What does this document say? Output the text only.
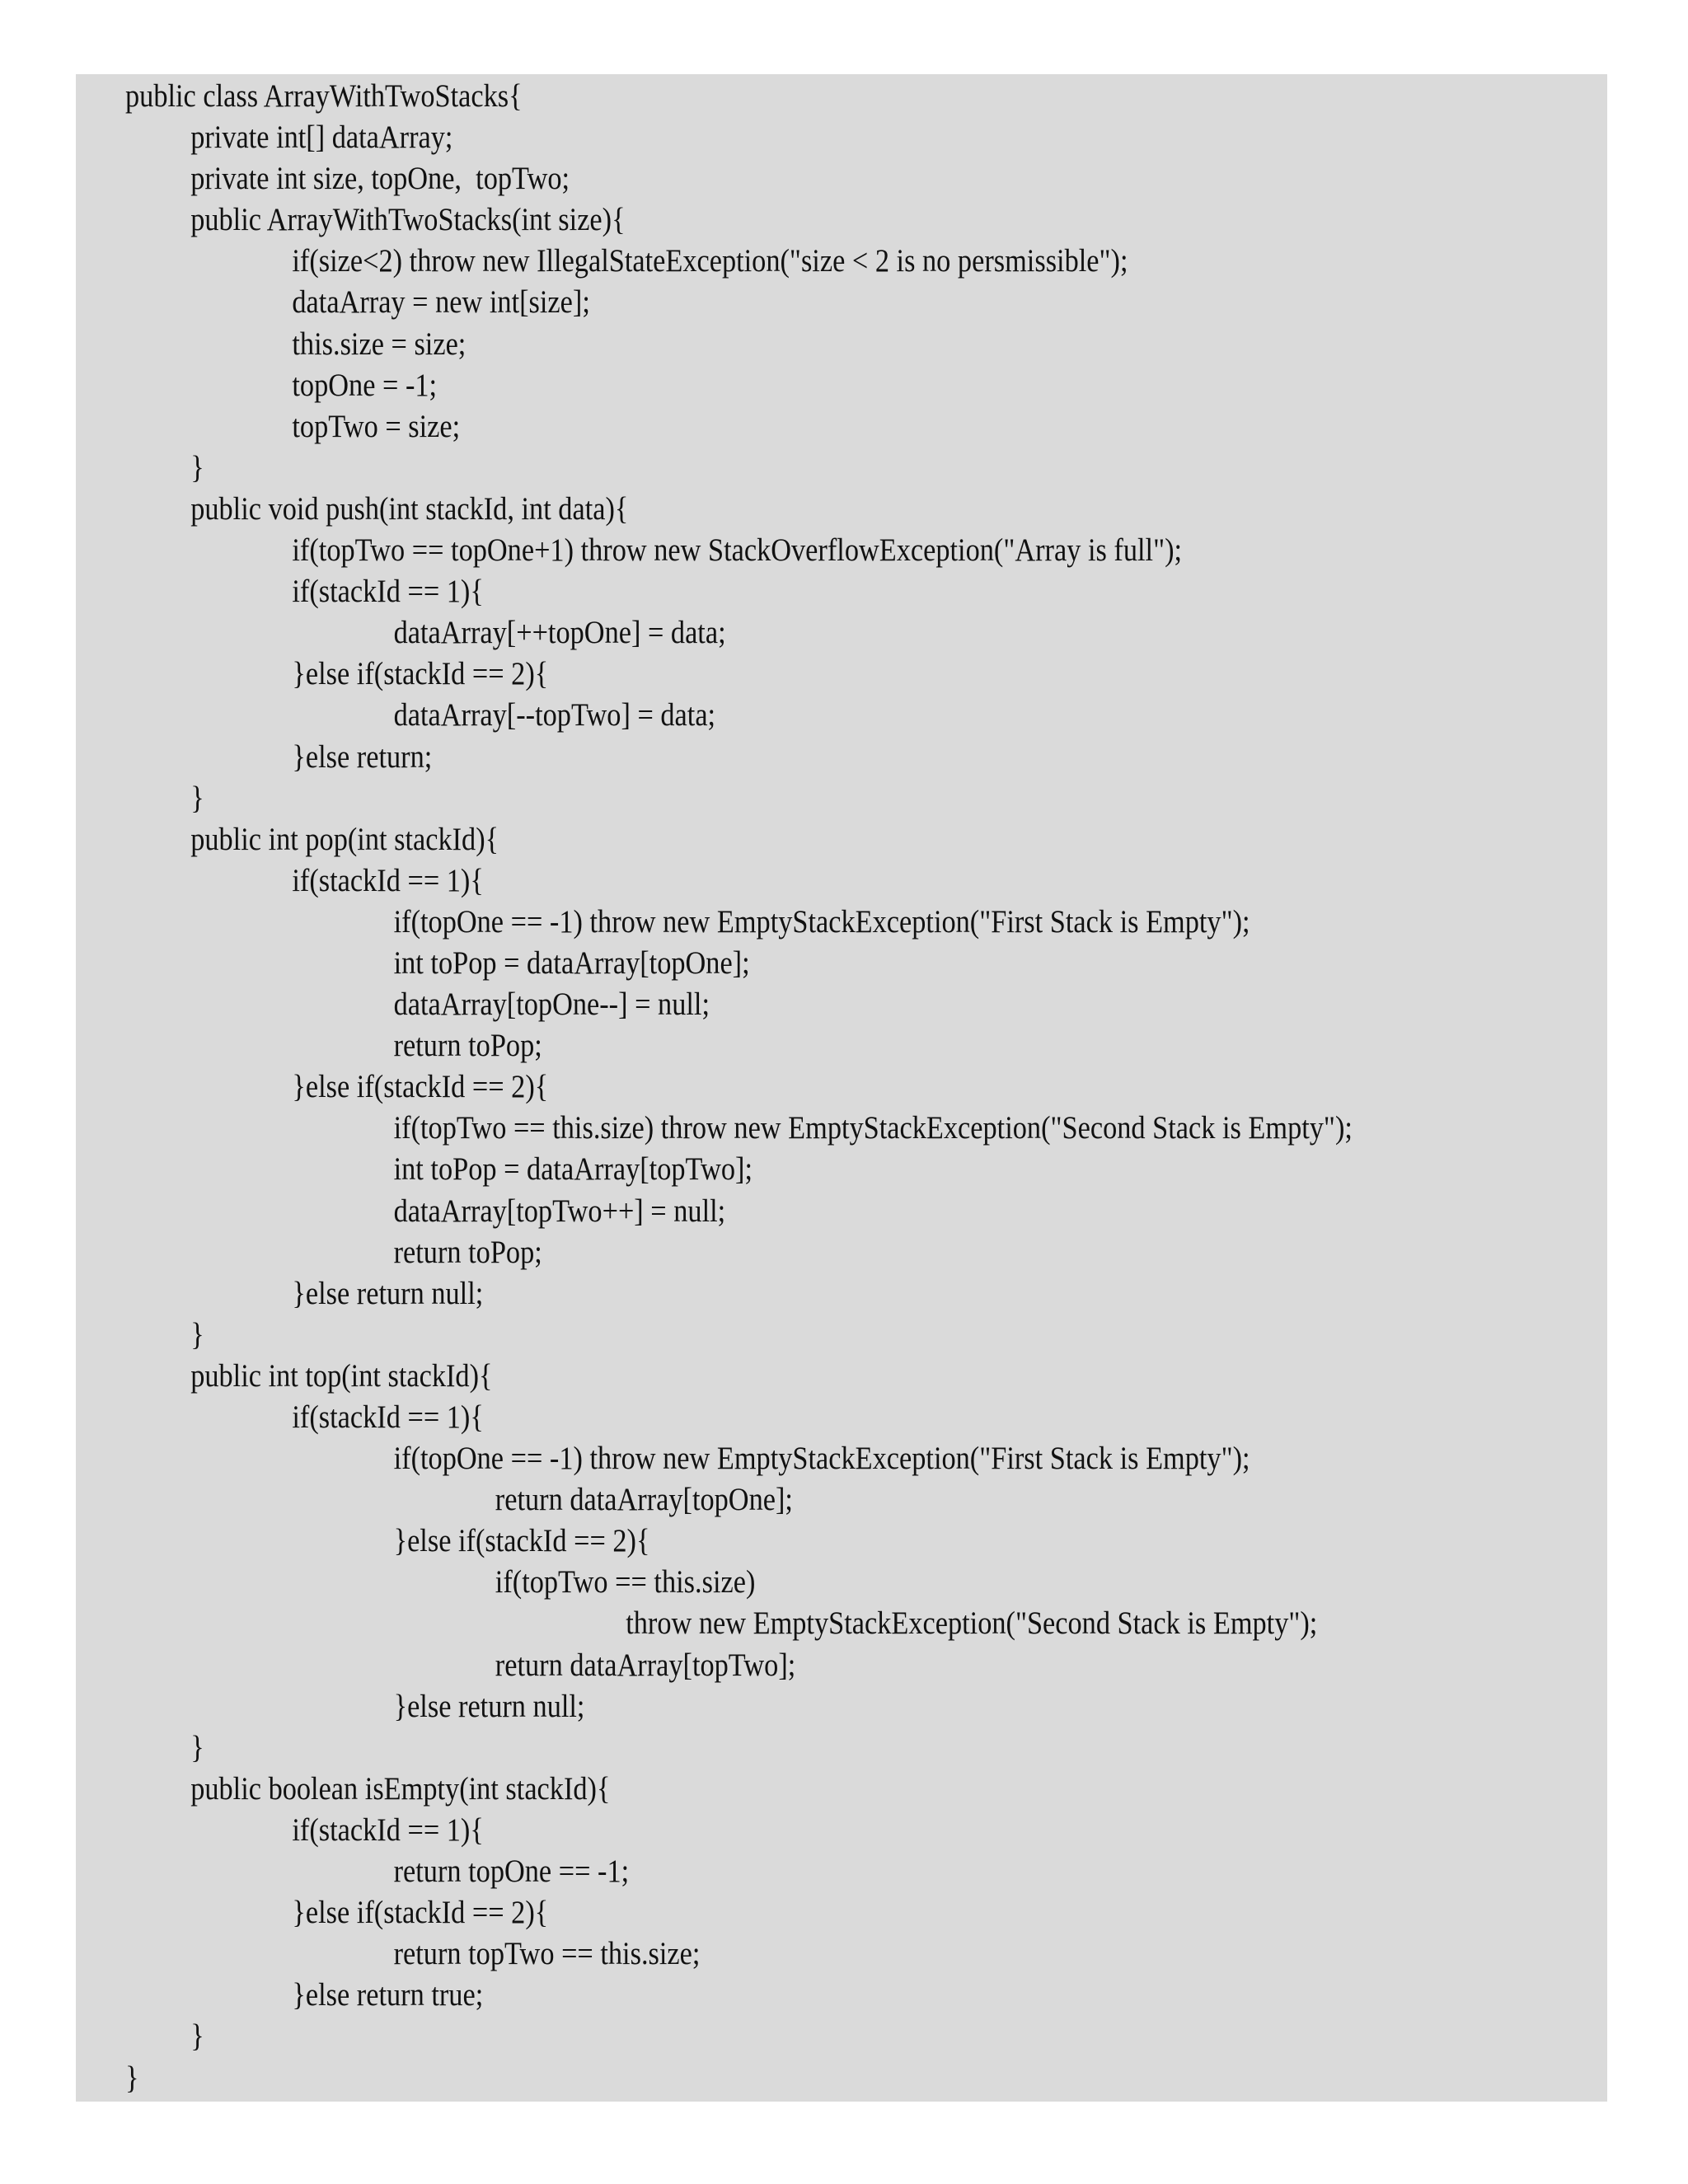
public class ArrayWithTwoStacks{
private int[] dataArray;
private int size, topOne,  topTwo;
public ArrayWithTwoStacks(int size){
if(size<2) throw new IllegalStateException("size < 2 is no persmissible");
dataArray = new int[size];
this.size = size;
topOne = -1;
topTwo = size;
}
public void push(int stackId, int data){
if(topTwo == topOne+1) throw new StackOverflowException("Array is full");
if(stackId == 1){
dataArray[++topOne] = data;
}else if(stackId == 2){
dataArray[--topTwo] = data;
}else return;
}
public int pop(int stackId){
if(stackId == 1){
if(topOne == -1) throw new EmptyStackException("First Stack is Empty");
int toPop = dataArray[topOne];
dataArray[topOne--] = null;
return toPop;
}else if(stackId == 2){
if(topTwo == this.size) throw new EmptyStackException("Second Stack is Empty");
int toPop = dataArray[topTwo];
dataArray[topTwo++] = null;
return toPop;
}else return null;
}
public int top(int stackId){
if(stackId == 1){
if(topOne == -1) throw new EmptyStackException("First Stack is Empty");
return dataArray[topOne];
}else if(stackId == 2){
if(topTwo == this.size)
throw new EmptyStackException("Second Stack is Empty");
return dataArray[topTwo];
}else return null;
}
public boolean isEmpty(int stackId){
if(stackId == 1){
return topOne == -1;
}else if(stackId == 2){
return topTwo == this.size;
}else return true;
}
}
